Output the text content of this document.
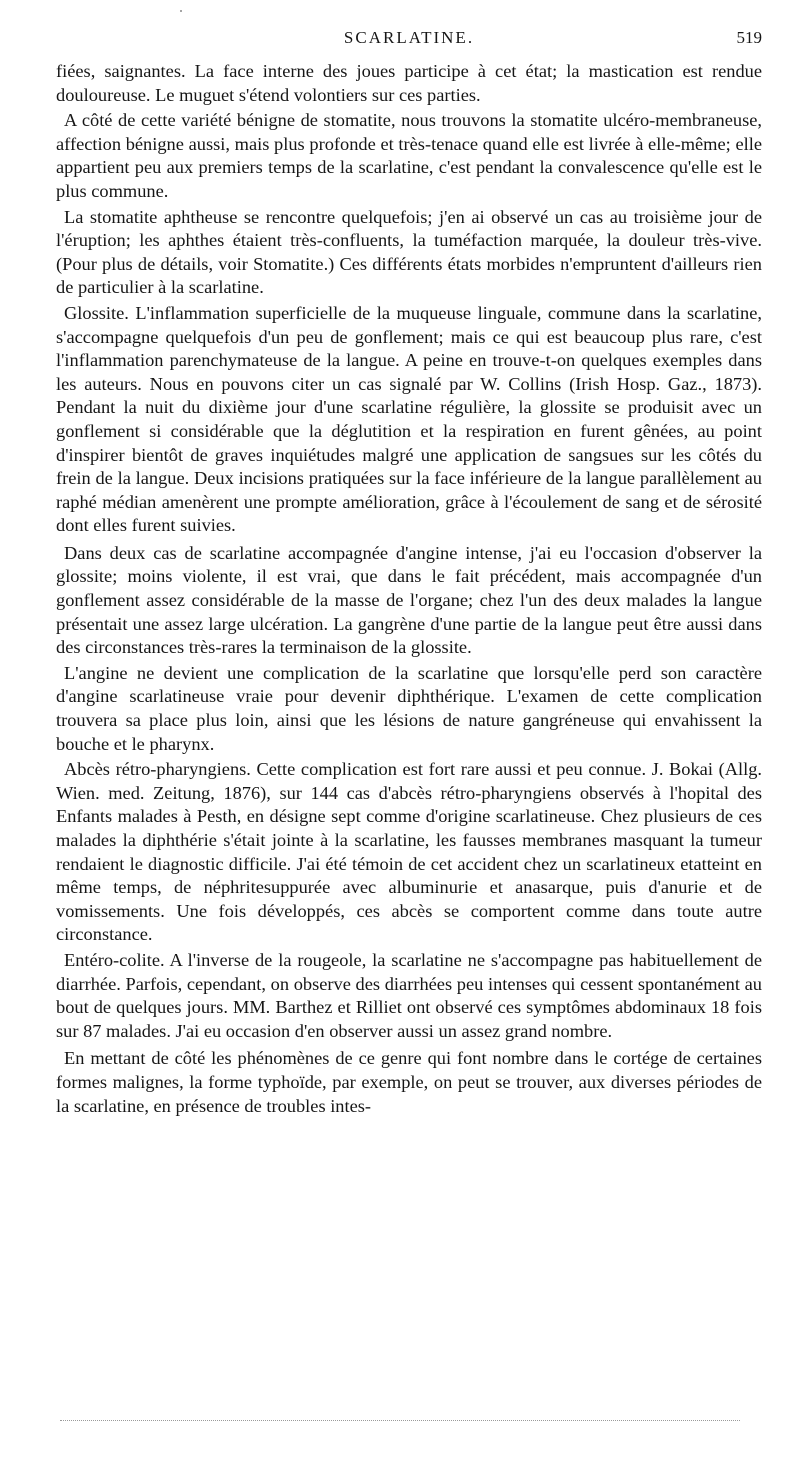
SCARLATINE.	519

fiées, saignantes. La face interne des joues participe à cet état; la mastication est rendue douloureuse. Le muguet s'étend volontiers sur ces parties.

A côté de cette variété bénigne de stomatite, nous trouvons la stomatite ulcéro-membraneuse, affection bénigne aussi, mais plus profonde et très-tenace quand elle est livrée à elle-même; elle appartient peu aux premiers temps de la scarlatine, c'est pendant la convalescence qu'elle est le plus commune.

La stomatite aphtheuse se rencontre quelquefois; j'en ai observé un cas au troisième jour de l'éruption; les aphthes étaient très-confluents, la tuméfaction marquée, la douleur très-vive. (Pour plus de détails, voir Stomatite.) Ces différents états morbides n'empruntent d'ailleurs rien de particulier à la scarlatine.

Glossite. L'inflammation superficielle de la muqueuse linguale, commune dans la scarlatine, s'accompagne quelquefois d'un peu de gonflement; mais ce qui est beaucoup plus rare, c'est l'inflammation parenchymateuse de la langue. A peine en trouve-t-on quelques exemples dans les auteurs. Nous en pouvons citer un cas signalé par W. Collins (Irish Hosp. Gaz., 1873). Pendant la nuit du dixième jour d'une scarlatine régulière, la glossite se produisit avec un gonflement si considérable que la déglutition et la respiration en furent gênées, au point d'inspirer bientôt de graves inquiétudes malgré une application de sangsues sur les côtés du frein de la langue. Deux incisions pratiquées sur la face inférieure de la langue parallèlement au raphé médian amenèrent une prompte amélioration, grâce à l'écoulement de sang et de sérosité dont elles furent suivies.

Dans deux cas de scarlatine accompagnée d'angine intense, j'ai eu l'occasion d'observer la glossite; moins violente, il est vrai, que dans le fait précédent, mais accompagnée d'un gonflement assez considérable de la masse de l'organe; chez l'un des deux malades la langue présentait une assez large ulcération. La gangrène d'une partie de la langue peut être aussi dans des circonstances très-rares la terminaison de la glossite.

L'angine ne devient une complication de la scarlatine que lorsqu'elle perd son caractère d'angine scarlatineuse vraie pour devenir diphthérique. L'examen de cette complication trouvera sa place plus loin, ainsi que les lésions de nature gangréneuse qui envahissent la bouche et le pharynx.

Abcès rétro-pharyngiens. Cette complication est fort rare aussi et peu connue. J. Bokai (Allg. Wien. med. Zeitung, 1876), sur 144 cas d'abcès rétro-pharyngiens observés à l'hopital des Enfants malades à Pesth, en désigne sept comme d'origine scarlatineuse. Chez plusieurs de ces malades la diphthérie s'était jointe à la scarlatine, les fausses membranes masquant la tumeur rendaient le diagnostic difficile. J'ai été témoin de cet accident chez un scarlatineux etatteint en même temps, de néphritesuppurée avec albuminurie et anasarque, puis d'anurie et de vomissements. Une fois développés, ces abcès se comportent comme dans toute autre circonstance.

Entéro-colite. A l'inverse de la rougeole, la scarlatine ne s'accompagne pas habituellement de diarrhée. Parfois, cependant, on observe des diarrhées peu intenses qui cessent spontanément au bout de quelques jours. MM. Barthez et Rilliet ont observé ces symptômes abdominaux 18 fois sur 87 malades. J'ai eu occasion d'en observer aussi un assez grand nombre.

En mettant de côté les phénomènes de ce genre qui font nombre dans le cortége de certaines formes malignes, la forme typhoïde, par exemple, on peut se trouver, aux diverses périodes de la scarlatine, en présence de troubles intes-
